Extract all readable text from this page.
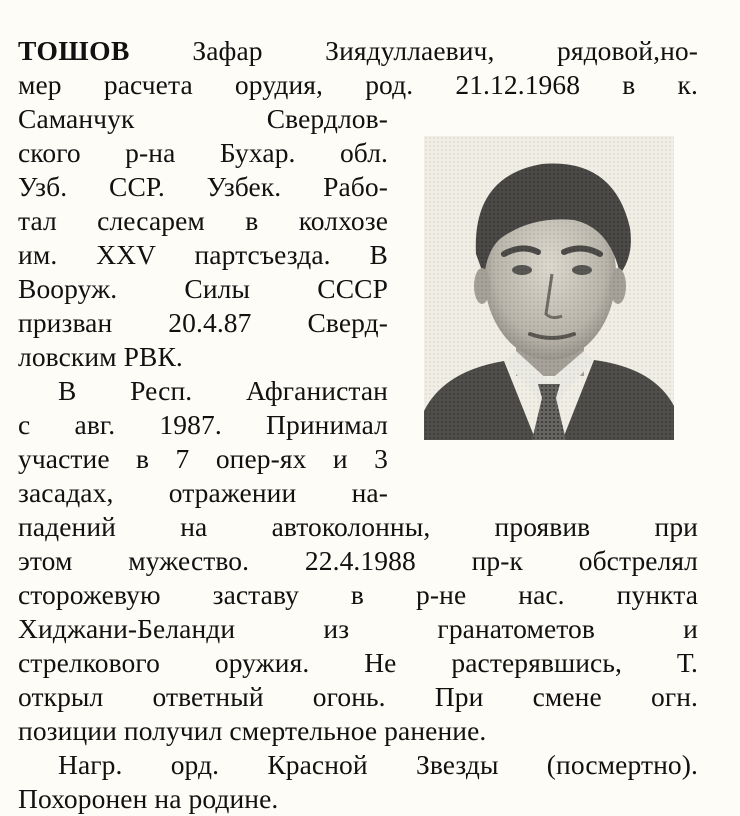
ТОШОВ Зафар Зиядуллаевич, рядовой,но-
мер расчета орудия, род. 21.12.1968 в к.
Саманчук Свердлов-
ского р-на Бухар. обл.
Узб. ССР. Узбек. Рабо-
тал слесарем в колхозе
им. XXV партсъезда. В
Вооруж. Силы СССР
призван 20.4.87 Сверд-
ловским РВК.
В Респ. Афганистан
с авг. 1987. Принимал
участие в 7 опер-ях и 3
засадах, отражении на-
падений на автоколонны, проявив при
этом мужество. 22.4.1988 пр-к обстрелял
сторожевую заставу в р-не нас. пункта
Хиджани-Беланди из гранатометов и
стрелкового оружия. Не растерявшись, Т.
открыл ответный огонь. При смене огн.
позиции получил смертельное ранение.
Нагр. орд. Красной Звезды (посмертно).
Похоронен на родине.
